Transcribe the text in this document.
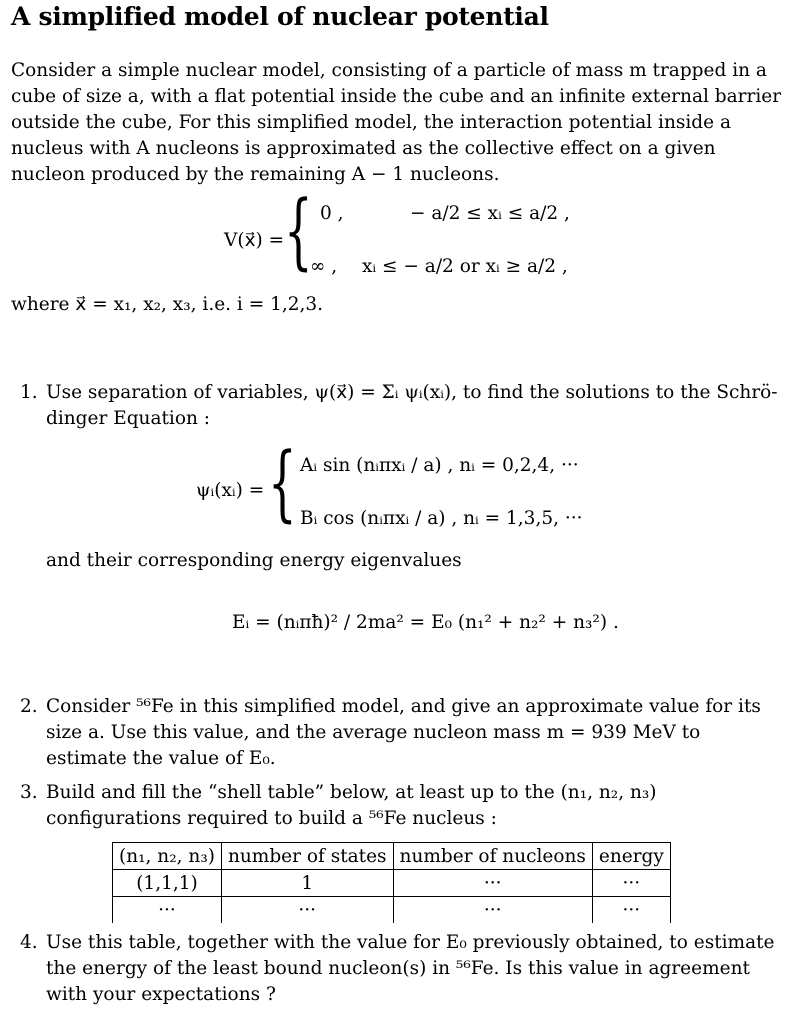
A simplified model of nuclear potential
Consider a simple nuclear model, consisting of a particle of mass m trapped in a cube of size a, with a flat potential inside the cube and an infinite external barrier outside the cube, For this simplified model, the interaction potential inside a nucleus with A nucleons is approximated as the collective effect on a given nucleon produced by the remaining A − 1 nucleons.
V(x⃗) = { 0 ,	− a/2 ≤ xᵢ ≤ a/2 ,
∞ , xᵢ ≤ − a/2 or xᵢ ≥ a/2 ,
where x⃗ = x₁, x₂, x₃, i.e. i = 1,2,3.
1. Use separation of variables, ψ(x⃗) = Σᵢ ψᵢ(xᵢ), to find the solutions to the Schrö-dinger Equation :
ψᵢ(xᵢ) = { Aᵢ sin (nᵢπxᵢ / a) , nᵢ = 0,2,4, ···
Bᵢ cos (nᵢπxᵢ / a) , nᵢ = 1,3,5, ···
and their corresponding energy eigenvalues
Eᵢ = (nᵢπħ)² / 2ma² = E₀ (n₁² + n₂² + n₃²) .
2. Consider ⁵⁶Fe in this simplified model, and give an approximate value for its size a. Use this value, and the average nucleon mass m = 939 MeV to estimate the value of E₀.
3. Build and fill the “shell table” below, at least up to the (n₁, n₂, n₃) configurations required to build a ⁵⁶Fe nucleus :
(n₁, n₂, n₃)	number of states	number of nucleons	energy
(1,1,1)	1	···	···
···	···	···	···
4. Use this table, together with the value for E₀ previously obtained, to estimate the energy of the least bound nucleon(s) in ⁵⁶Fe. Is this value in agreement with your expectations ?
